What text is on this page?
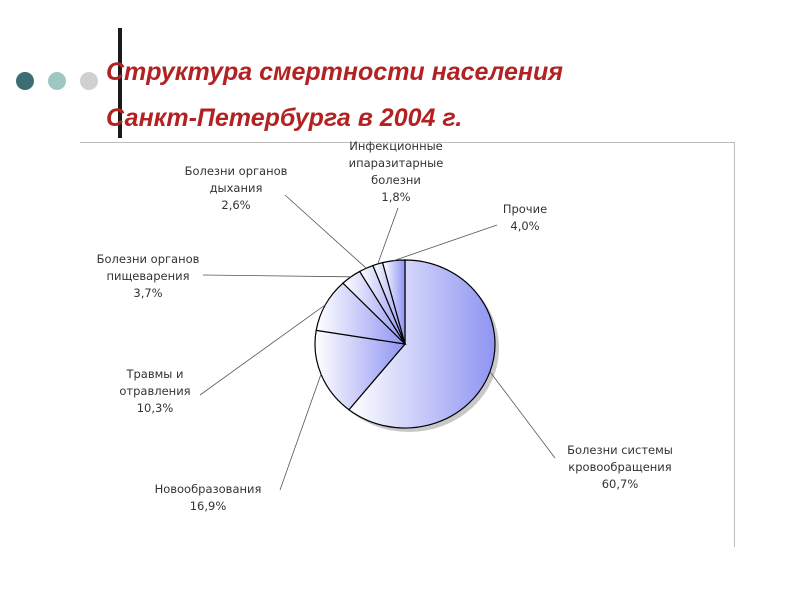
Структура смертности населения
Санкт-Петербурга в 2004 г.
Болезни системы кровообращения 60,7%
Новообразования 16,9%
Травмы и отравления 10,3%
Болезни органов пищеварения 3,7%
Болезни органов дыхания 2,6%
Инфекционные ипаразитарные болезни 1,8%
Прочие 4,0%
